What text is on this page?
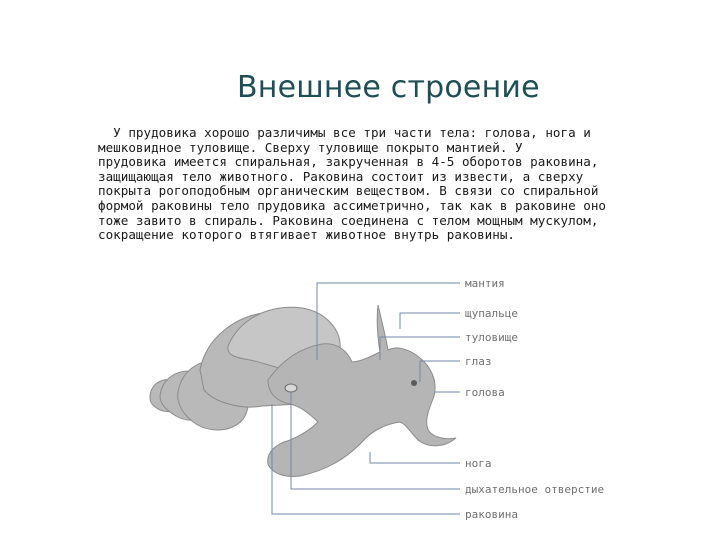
Внешнее строение
У прудовика хорошо различимы все три части тела: голова, нога и
мешковидное туловище. Сверху туловище покрыто мантией. У
прудовика имеется спиральная, закрученная в 4-5 оборотов раковина,
защищающая тело животного. Раковина состоит из извести, а сверху
покрыта рогоподобным органическим веществом. В связи со спиральной
формой раковины тело прудовика ассиметрично, так как в раковине оно
тоже завито в спираль. Раковина соединена с телом мощным мускулом,
сокращение которого втягивает животное внутрь раковины.
мантия
щупальце
туловище
глаз
голова
нога
дыхательное отверстие
раковина
